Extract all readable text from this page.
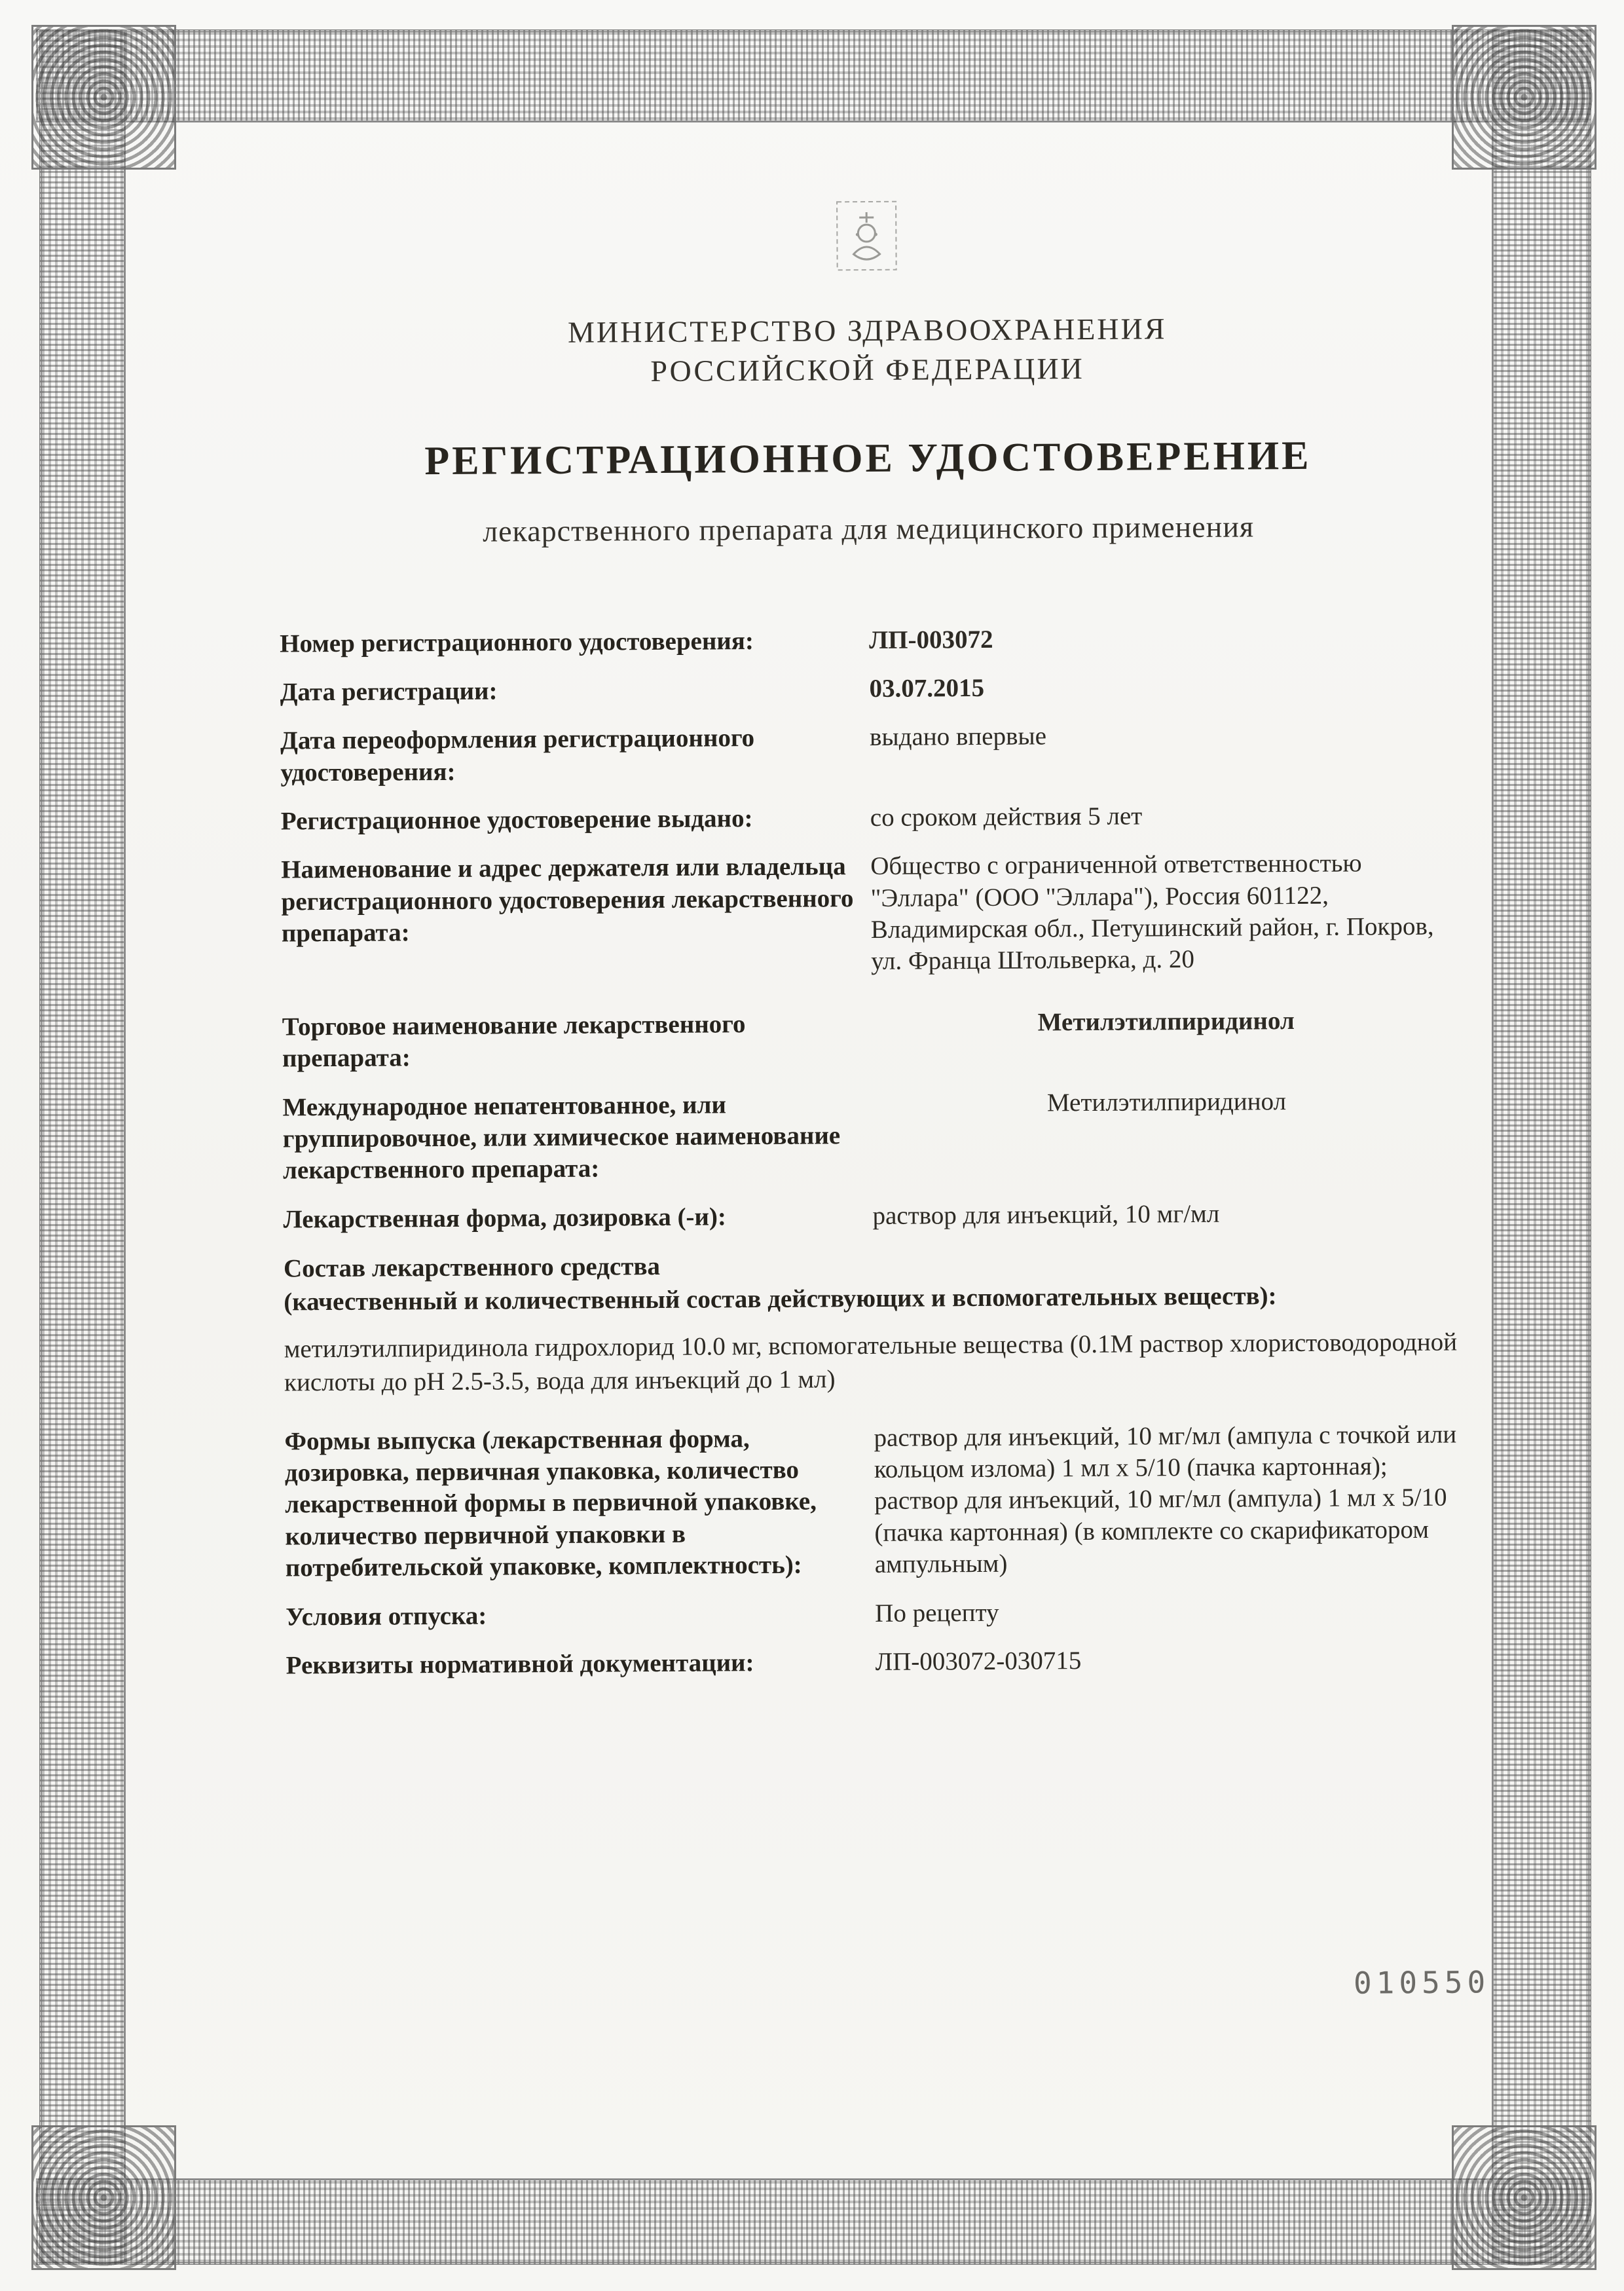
МИНИСТЕРСТВО ЗДРАВООХРАНЕНИЯ
РОССИЙСКОЙ ФЕДЕРАЦИИ
РЕГИСТРАЦИОННОЕ УДОСТОВЕРЕНИЕ
лекарственного препарата для медицинского применения
Номер регистрационного удостоверения:	ЛП-003072
Дата регистрации:	03.07.2015
Дата переоформления регистрационного удостоверения:
выдано впервые
Регистрационное удостоверение выдано:	со сроком действия 5 лет
Наименование и адрес держателя или владельца регистрационного удостоверения лекарственного препарата:
Общество с ограниченной ответственностью "Эллара" (ООО "Эллара"), Россия 601122, Владимирская обл., Петушинский район, г. Покров, ул. Франца Штольверка, д. 20
Торговое наименование лекарственного препарата:
Метилэтилпиридинол
Международное непатентованное, или группировочное, или химическое наименование лекарственного препарата:
Метилэтилпиридинол
Лекарственная форма, дозировка (-и):	раствор для инъекций, 10 мг/мл
Состав лекарственного средства
(качественный и количественный состав действующих и вспомогательных веществ):
метилэтилпиридинола гидрохлорид 10.0 мг, вспомогательные вещества (0.1М раствор хлористоводородной кислоты до рН 2.5-3.5, вода для инъекций до 1 мл)
Формы выпуска (лекарственная форма, дозировка, первичная упаковка, количество лекарственной формы в первичной упаковке, количество первичной упаковки в потребительской упаковке, комплектность):
раствор для инъекций, 10 мг/мл (ампула с точкой или кольцом излома) 1 мл х 5/10 (пачка картонная); раствор для инъекций, 10 мг/мл (ампула) 1 мл х 5/10 (пачка картонная) (в комплекте со скарификатором ампульным)
Условия отпуска:	По рецепту
Реквизиты нормативной документации:	ЛП-003072-030715
010550
